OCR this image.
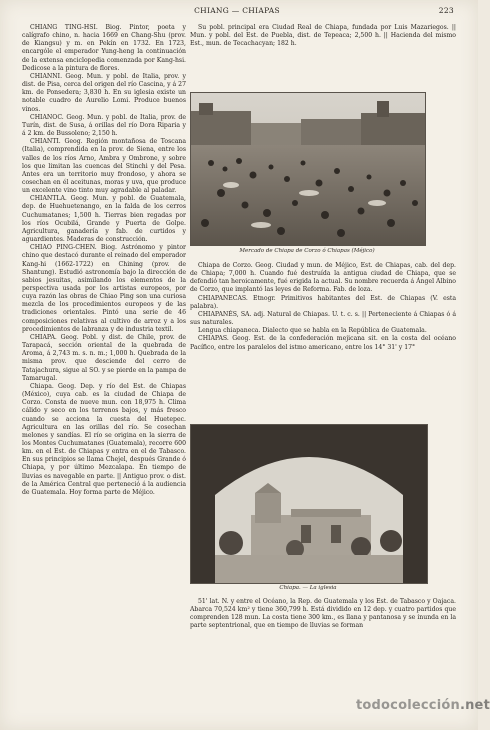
CHIANG — CHIAPAS	223

CHIANG TING-HSI. Biog. Pintor, poeta y calígrafo chino, n. hacia 1669 en Chang-Shu (prov. de Kiangsu) y m. en Pekín en 1732. En 1723, encargóle el emperador Yung-heng la continuación de la extensa enciclopedia comenzada por Kang-hsi. Dedicose a la pintura de flores.

CHIANNI. Geog. Mun. y pobl. de Italia, prov. y dist. de Pisa, cerca del origen del río Cascina, y á 27 km. de Ponsedera; 3,830 h. En su iglesia existe un notable cuadro de Aurelio Lomi. Produce buenos vinos.

CHIANOC. Geog. Mun. y pobl. de Italia, prov. de Turín, dist. de Susa, á orillas del río Dora Riparia y á 2 km. de Bussoleno; 2,150 h.

CHIANTI. Geog. Región montañosa de Toscana (Italia), comprendida en la prov. de Siena, entre los valles de los ríos Arno, Ambra y Ombrone, y sobre los que limitan las cuencas del Stinchi y del Pesa. Antes era un territorio muy frondoso, y ahora se cosechan en él aceitunas, moras y uva, que produce un excelente vino tinto muy agradable al paladar.

CHIANTLA. Geog. Mun. y pobl. de Guatemala, dep. de Huehuetenango, en la falda de los cerros Cuchumatanes; 1,500 h. Tierras bien regadas por los ríos Ocubilá, Grande y Puerta de Golpe. Agricultura, ganadería y fab. de curtidos y aguardientes. Maderas de construcción.

CHIAO PING-CHEN. Biog. Astrónomo y pintor chino que destacó durante el reinado del emperador Kang-hi (1662-1722) en Chining (prov. de Shantung). Estudió astronomía bajo la dirección de sabios jesuitas, asimilando los elementos de la perspectiva usada por los artistas europeos, por cuya razón las obras de Chiao Ping son una curiosa mezcla de los procedimientos europeos y de las tradiciones orientales. Pintó una serie de 46 composiciones relativas al cultivo de arroz y a los procedimientos de labranza y de industria textil.

CHIAPA. Geog. Pobl. y dist. de Chile, prov. de Tarapacá, sección oriental de la quebrada de Aroma, á 2,743 m. s. n. m.; 1,000 h. Quebrada de la misma prov. que desciende del cerro de Tatajachura, sigue al SO. y se pierde en la pampa de Tamarugal.

Chiapa. Geog. Dep. y río del Est. de Chiapas (México), cuya cab. es la ciudad de Chiapa de Corzo. Consta de nueve mun. con 18,975 h. Clima cálido y seco en los terrenos bajos, y más fresco cuando se acciona la cuesta del Huetepec. Agricultura en las orillas del río. Se cosechan melones y sandías. El río se origina en la sierra de los Montes Cuchumatanes (Guatemala), recorre 600 km. en el Est. de Chiapas y entra en el de Tabasco. En sus principios se llama Chejel, después Grande ó Chiapa, y por último Mezcalapa. En tiempo de lluvias es navegable en parte. || Antiguo prov. o dist. de la América Central que perteneció á la audiencia de Guatemala. Hoy forma parte de Méjico.

Su pobl. principal era Ciudad Real de Chiapa, fundada por Luis Mazariegos. || Mun. y pobl. del Est. de Puebla, dist. de Tepeaca; 2,500 h. || Hacienda del mismo Est., mun. de Tecachacyan; 182 h.

Mercado de Chiapa de Corzo ó Chiapas (Méjico)

Chiapa de Corzo. Geog. Ciudad y mun. de Méjico, Est. de Chiapas, cab. del dep. de Chiapa; 7,000 h. Cuando fué destruída la antigua ciudad de Chiapa, que se defendió tan heroicamente, fué erigida la actual. Su nombre recuerda á Ángel Albino de Corzo, que implantó las leyes de Reforma. Fab. de loza.

CHIAPANECAS. Etnogr. Primitivos habitantes del Est. de Chiapas (V. esta palabra).

CHIAPANÉS, SA. adj. Natural de Chiapas. U. t. c. s. || Perteneciente á Chiapas ó á sus naturales.

Lengua chiapaneca. Dialecto que se habla en la República de Guatemala.

CHIAPAS. Geog. Est. de la confederación mejicana sit. en la costa del océano Pacífico, entre los paralelos del istmo americano, entre los 14° 31' y 17°

Chiapa. — La iglesia

51' lat. N. y entre el Océano, la Rep. de Guatemala y los Est. de Tabasco y Oajaca. Abarca 70,524 km² y tiene 360,799 h. Está dividido en 12 dep. y cuatro partidos que comprenden 128 mun. La costa tiene 300 km., es llana y pantanosa y se inunda en la parte septentrional, que en tiempo de lluvias se forman

todocolección.net
